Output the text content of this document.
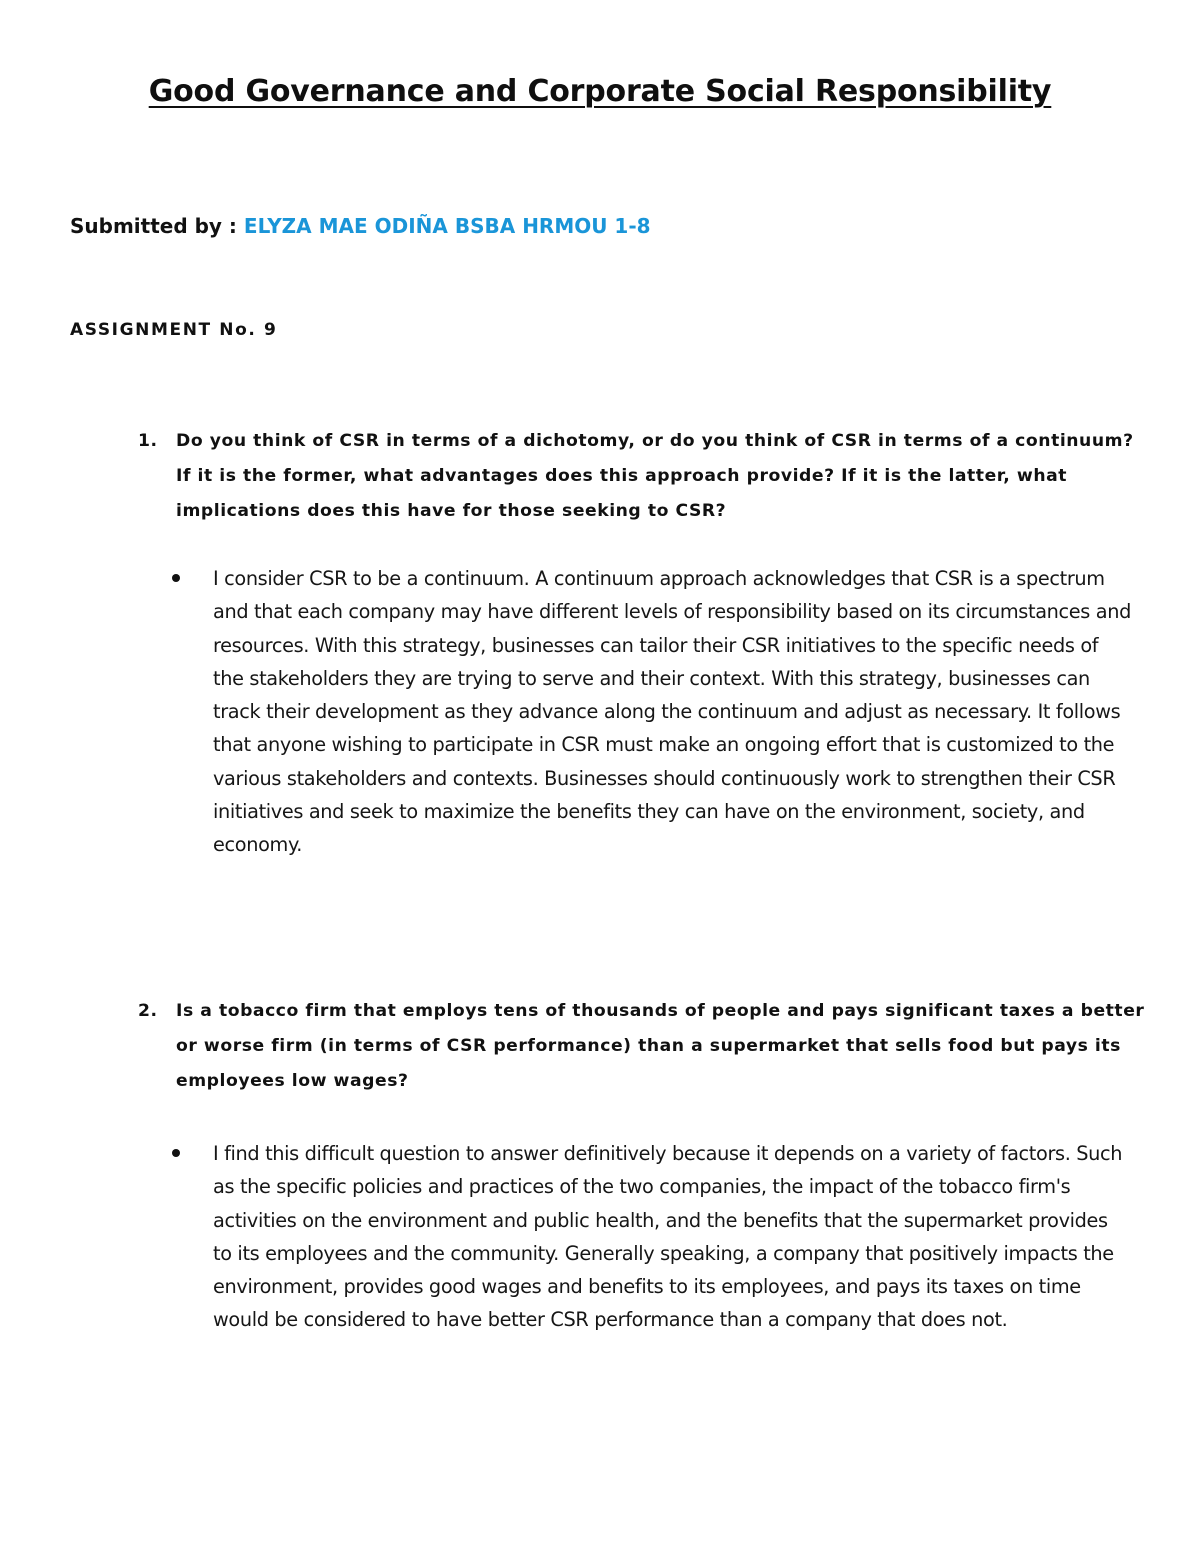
Good Governance and Corporate Social Responsibility
Submitted by : ELYZA MAE ODIÑA BSBA HRMOU 1-8
ASSIGNMENT No. 9
1.	Do you think of CSR in terms of a dichotomy, or do you think of CSR in terms of a continuum? If it is the former, what advantages does this approach provide? If it is the latter, what implications does this have for those seeking to CSR?
I consider CSR to be a continuum. A continuum approach acknowledges that CSR is a spectrum and that each company may have different levels of responsibility based on its circumstances and resources. With this strategy, businesses can tailor their CSR initiatives to the specific needs of the stakeholders they are trying to serve and their context. With this strategy, businesses can track their development as they advance along the continuum and adjust as necessary. It follows that anyone wishing to participate in CSR must make an ongoing effort that is customized to the various stakeholders and contexts. Businesses should continuously work to strengthen their CSR initiatives and seek to maximize the benefits they can have on the environment, society, and economy.
2.	Is a tobacco firm that employs tens of thousands of people and pays significant taxes a better or worse firm (in terms of CSR performance) than a supermarket that sells food but pays its employees low wages?
I find this difficult question to answer definitively because it depends on a variety of factors. Such as the specific policies and practices of the two companies, the impact of the tobacco firm's activities on the environment and public health, and the benefits that the supermarket provides to its employees and the community. Generally speaking, a company that positively impacts the environment, provides good wages and benefits to its employees, and pays its taxes on time would be considered to have better CSR performance than a company that does not.
